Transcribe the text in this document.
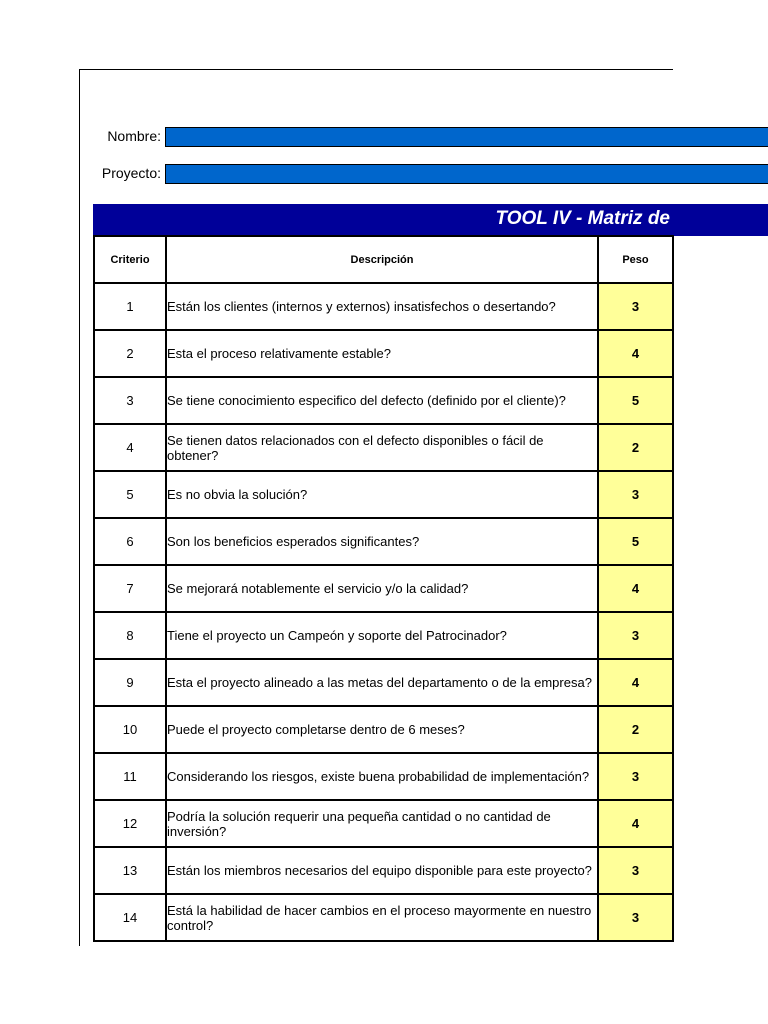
Nombre:
Proyecto:
TOOL IV - Matriz de
Criterio	Descripción	Peso
1	Están los clientes (internos y externos) insatisfechos o desertando?	3
2	Esta el proceso relativamente estable?	4
3	Se tiene conocimiento especifico del defecto (definido por el cliente)?	5
4	Se tienen datos relacionados con el defecto disponibles o fácil de obtener?	2
5	Es no obvia la solución?	3
6	Son los beneficios esperados significantes?	5
7	Se mejorará notablemente el servicio y/o la calidad?	4
8	Tiene el proyecto un Campeón y soporte del Patrocinador?	3
9	Esta el proyecto alineado a las metas del departamento o de la empresa?	4
10	Puede el proyecto completarse dentro de 6 meses?	2
11	Considerando los riesgos, existe buena probabilidad de implementación?	3
12	Podría la solución requerir una pequeña cantidad o no cantidad de inversión?	4
13	Están los miembros necesarios del equipo disponible para este proyecto?	3
14	Está la habilidad de hacer cambios en el proceso mayormente en nuestro control?	3
